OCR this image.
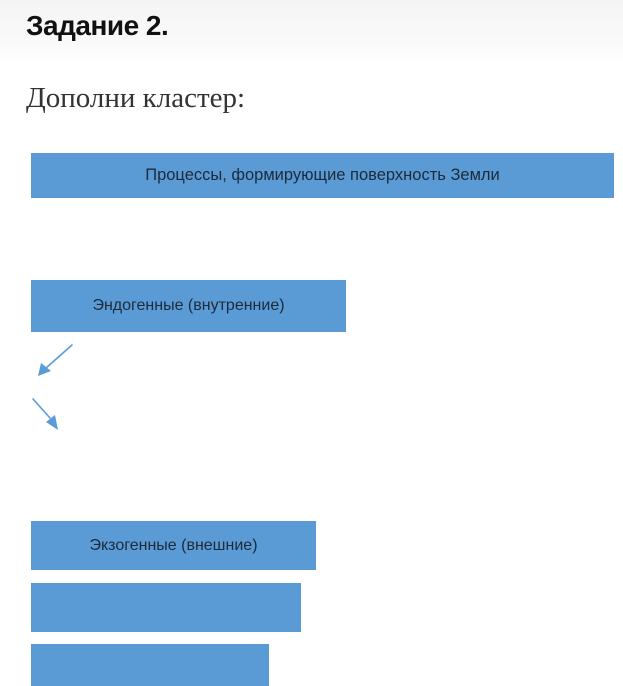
Задание 2.
Дополни кластер:
Процессы, формирующие поверхность Земли
Эндогенные (внутренние)
Экзогенные (внешние)
